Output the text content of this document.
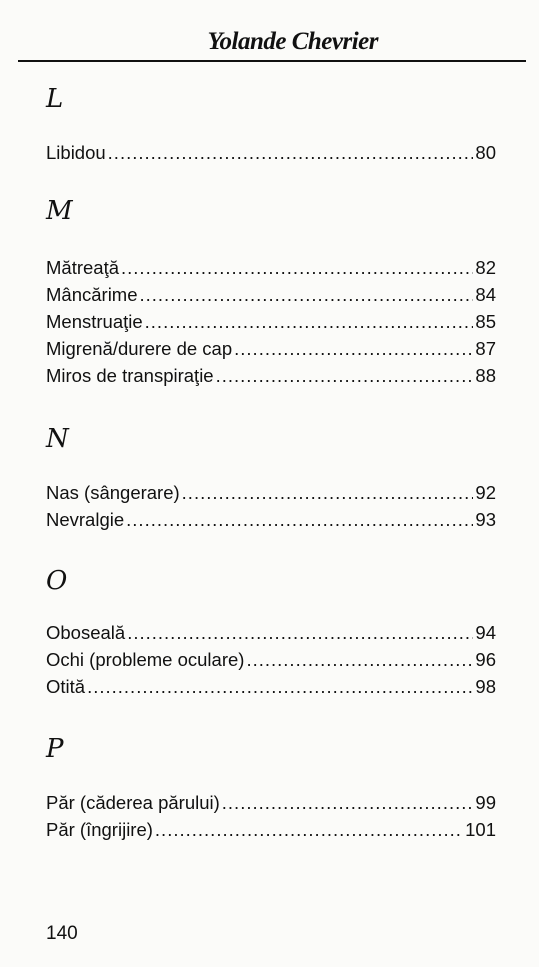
Yolande Chevrier
L
Libidou .....	80
M
Mătreaţă .....	82
Mâncărime .....	84
Menstruaţie .....	85
Migrenă/durere de cap .....	87
Miros de transpiraţie .....	88
N
Nas (sângerare) .....	92
Nevralgie .....	93
O
Oboseală .....	94
Ochi (probleme oculare) .....	96
Otită .....	98
P
Păr (căderea părului) .....	99
Păr (îngrijire) .....	101
140
